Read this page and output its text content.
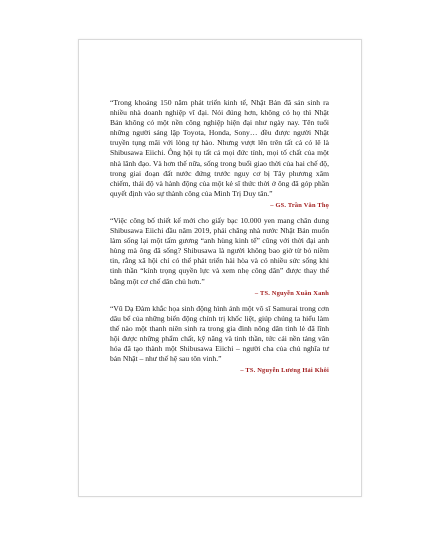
“Trong khoảng 150 năm phát triển kinh tế, Nhật Bản đã sản sinh ra nhiều nhà doanh nghiệp vĩ đại. Nói đúng hơn, không có họ thì Nhật Bản không có một nền công nghiệp hiện đại như ngày nay. Tên tuổi những người sáng lập Toyota, Honda, Sony… đều được người Nhật truyền tụng mãi với lòng tự hào. Nhưng vượt lên trên tất cả có lẽ là Shibusawa Eiichi. Ông hội tụ tất cả mọi đức tính, mọi tố chất của một nhà lãnh đạo. Và hơn thế nữa, sống trong buổi giao thời của hai chế độ, trong giai đoạn đất nước đứng trước nguy cơ bị Tây phương xâm chiếm, thái độ và hành động của một kẻ sĩ thức thời ở ông đã góp phần quyết định vào sự thành công của Minh Trị Duy tân.”

– GS. Trần Văn Thọ

“Việc công bố thiết kế mới cho giấy bạc 10.000 yen mang chân dung Shibusawa Eiichi đầu năm 2019, phải chăng nhà nước Nhật Bản muốn làm sống lại một tấm gương “anh hùng kinh tế” cũng với thời đại anh hùng mà ông đã sống? Shibusawa là người không bao giờ từ bỏ niềm tin, rằng xã hội chỉ có thể phát triển hài hòa và có nhiều sức sống khi tinh thần “kính trọng quyền lực và xem nhẹ công dân” được thay thế bằng một cơ chế dân chủ hơn.”

– TS. Nguyễn Xuân Xanh

“Vũ Dạ Đàm khắc họa sinh động hình ảnh một võ sĩ Samurai trong cơn dâu bể của những biến động chính trị khốc liệt, giúp chúng ta hiểu làm thế nào một thanh niên sinh ra trong gia đình nông dân tỉnh lẻ đã lĩnh hội được những phẩm chất, kỹ năng và tinh thần, tức cái nền tảng văn hóa đã tạo thành một Shibusawa Eiichi – người cha của chủ nghĩa tư bản Nhật – như thế hệ sau tôn vinh.”

– TS. Nguyễn Lương Hải Khôi
